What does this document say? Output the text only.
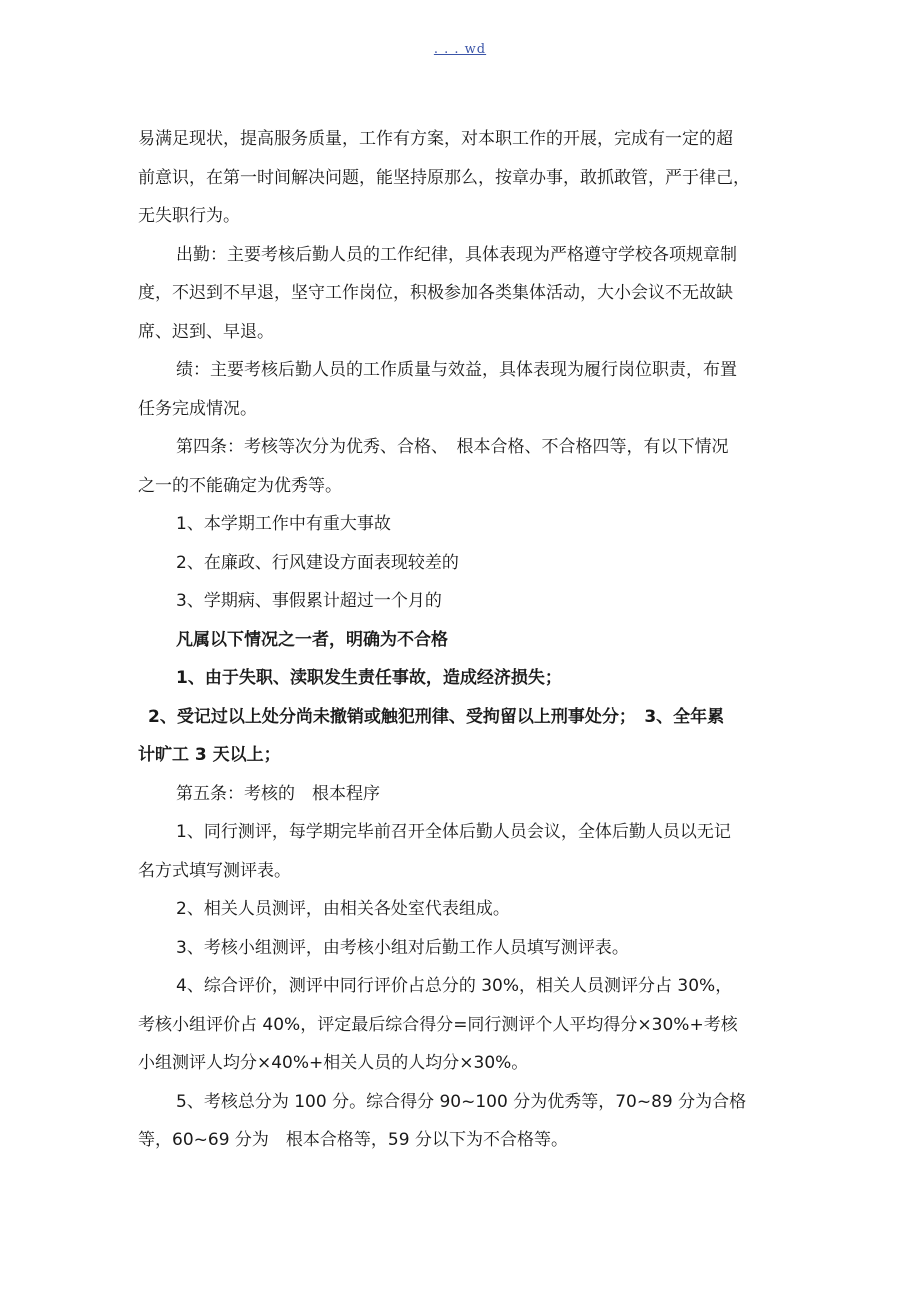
. . . wd

易满足现状，提高服务质量，工作有方案，对本职工作的开展，完成有一定的超

前意识，在第一时间解决问题，能坚持原那么，按章办事，敢抓敢管，严于律己，

无失职行为。

出勤：主要考核后勤人员的工作纪律，具体表现为严格遵守学校各项规章制

度，不迟到不早退，坚守工作岗位，积极参加各类集体活动，大小会议不无故缺

席、迟到、早退。

绩：主要考核后勤人员的工作质量与效益，具体表现为履行岗位职责，布置

任务完成情况。

第四条：考核等次分为优秀、合格、　根本合格、不合格四等，有以下情况

之一的不能确定为优秀等。

1、本学期工作中有重大事故

2、在廉政、行风建设方面表现较差的

3、学期病、事假累计超过一个月的

凡属以下情况之一者，明确为不合格

1、由于失职、渎职发生责任事故，造成经济损失；

2、受记过以上处分尚未撤销或触犯刑律、受拘留以上刑事处分；　3、全年累

计旷工 3 天以上；

第五条：考核的　根本程序

1、同行测评，每学期完毕前召开全体后勤人员会议，全体后勤人员以无记

名方式填写测评表。

2、相关人员测评，由相关各处室代表组成。

3、考核小组测评，由考核小组对后勤工作人员填写测评表。

4、综合评价，测评中同行评价占总分的 30%，相关人员测评分占 30%，

考核小组评价占 40%，评定最后综合得分=同行测评个人平均得分×30%+考核

小组测评人均分×40%+相关人员的人均分×30%。

5、考核总分为 100 分。综合得分 90~100 分为优秀等，70~89 分为合格

等，60~69 分为　根本合格等，59 分以下为不合格等。
